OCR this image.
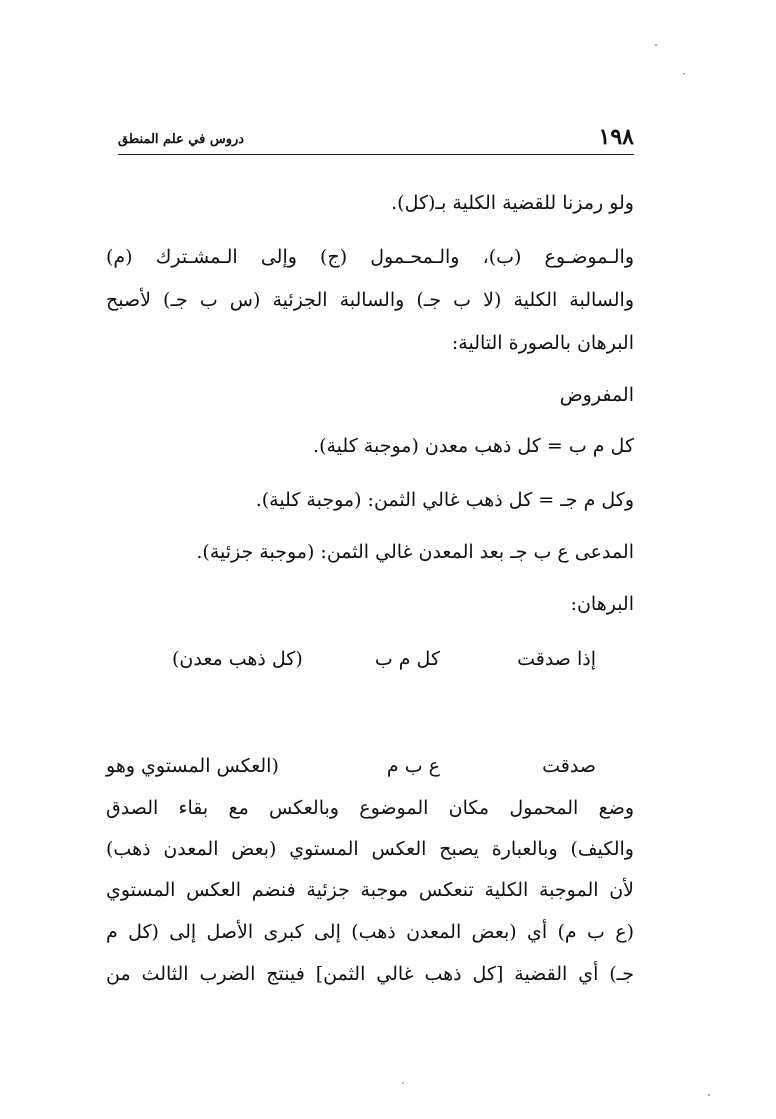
١٩٨
دروس في علم المنطق
ولو رمزنا للقضية الكلية بـ(كل).
والـموضـوع (ب)، والـمحـمول (ج) وإلى الـمشـترك (م)
والسالبة الكلية (لا ب جـ) والسالبة الجزئية (س ب جـ) لأصبح
البرهان بالصورة التالية:
المفروض
كل م ب = كل ذهب معدن (موجبة كلية).
وكل م جـ = كل ذهب غالي الثمن: (موجبة كلية).
المدعى ع ب جـ بعد المعدن غالي الثمن: (موجبة جزئية).
البرهان:
إذا صدقت
كل م ب
(كل ذهب معدن)
صدقت
ع ب م
(العكس المستوي وهو
وضع المحمول مكان الموضوع وبالعكس مع بقاء الصدق
والكيف) وبالعبارة يصبح العكس المستوي (بعض المعدن ذهب)
لأن الموجبة الكلية تنعكس موجبة جزئية فنضم العكس المستوي
(ع ب م) أي (بعض المعدن ذهب) إلى كبرى الأصل إلى (كل م
جـ) أي القضية [كل ذهب غالي الثمن] فينتج الضرب الثالث من
